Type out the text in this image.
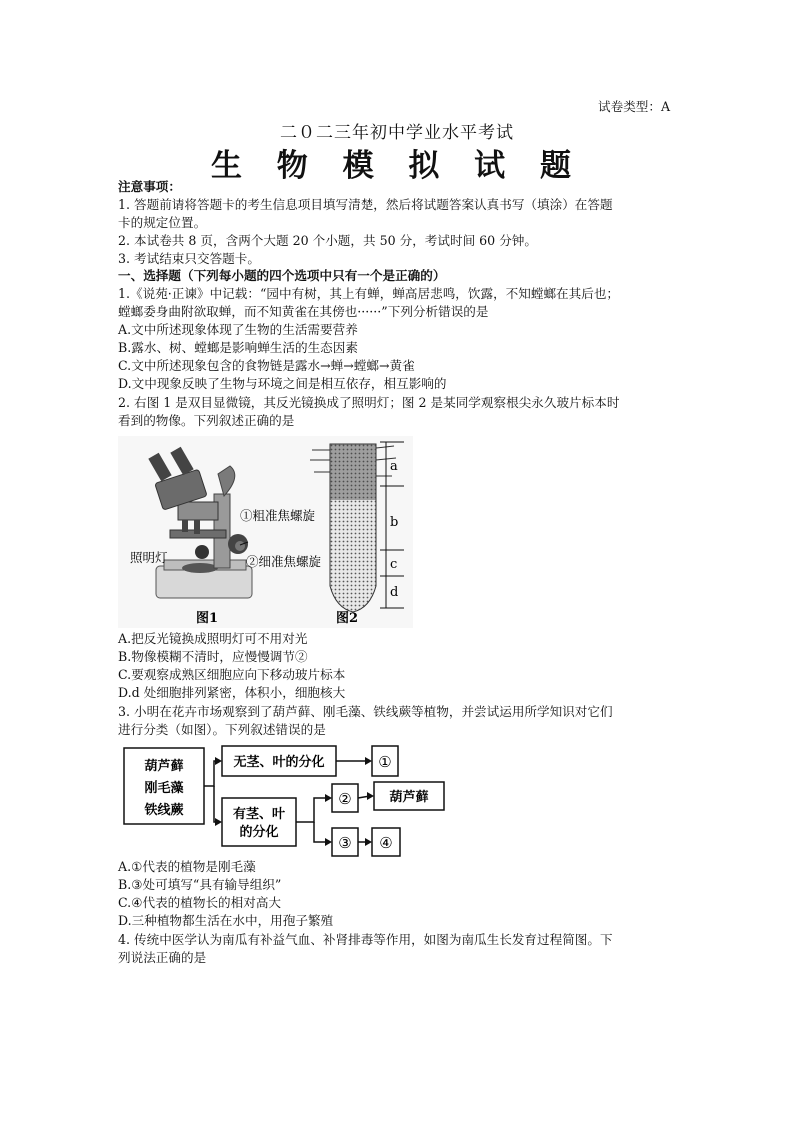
试卷类型：A
二０二三年初中学业水平考试
生 物 模 拟 试 题
注意事项：
1. 答题前请将答题卡的考生信息项目填写清楚，然后将试题答案认真书写（填涂）在答题
卡的规定位置。
2. 本试卷共 8 页，含两个大题 20 个小题，共 50 分，考试时间 60 分钟。
3. 考试结束只交答题卡。
一、选择题（下列每小题的四个选项中只有一个是正确的）
1.《说苑·正谏》中记载：“园中有树，其上有蝉，蝉高居悲鸣，饮露，不知螳螂在其后也；
螳螂委身曲附欲取蝉，而不知黄雀在其傍也······”下列分析错误的是
A.文中所述现象体现了生物的生活需要营养
B.露水、树、螳螂是影响蝉生活的生态因素
C.文中所述现象包含的食物链是露水→蝉→螳螂→黄雀
D.文中现象反映了生物与环境之间是相互依存，相互影响的
2. 右图 1 是双目显微镜，其反光镜换成了照明灯；图 2 是某同学观察根尖永久玻片标本时
看到的物像。下列叙述正确的是
①粗准焦螺旋
②细准焦螺旋
照明灯
图1
a
b
c
d
图2
A.把反光镜换成照明灯可不用对光
B.物像模糊不清时，应慢慢调节②
C.要观察成熟区细胞应向下移动玻片标本
D.d 处细胞排列紧密，体积小，细胞核大
3. 小明在花卉市场观察到了葫芦藓、刚毛藻、铁线蕨等植物，并尝试运用所学知识对它们
进行分类（如图）。下列叙述错误的是
葫芦藓
刚毛藻
铁线蕨
无茎、叶的分化
有茎、叶
的分化
①
②	葫芦藓
③ ④
A.①代表的植物是刚毛藻
B.③处可填写“具有输导组织”
C.④代表的植物长的相对高大
D.三种植物都生活在水中，用孢子繁殖
4. 传统中医学认为南瓜有补益气血、补肾排毒等作用，如图为南瓜生长发育过程简图。下
列说法正确的是
